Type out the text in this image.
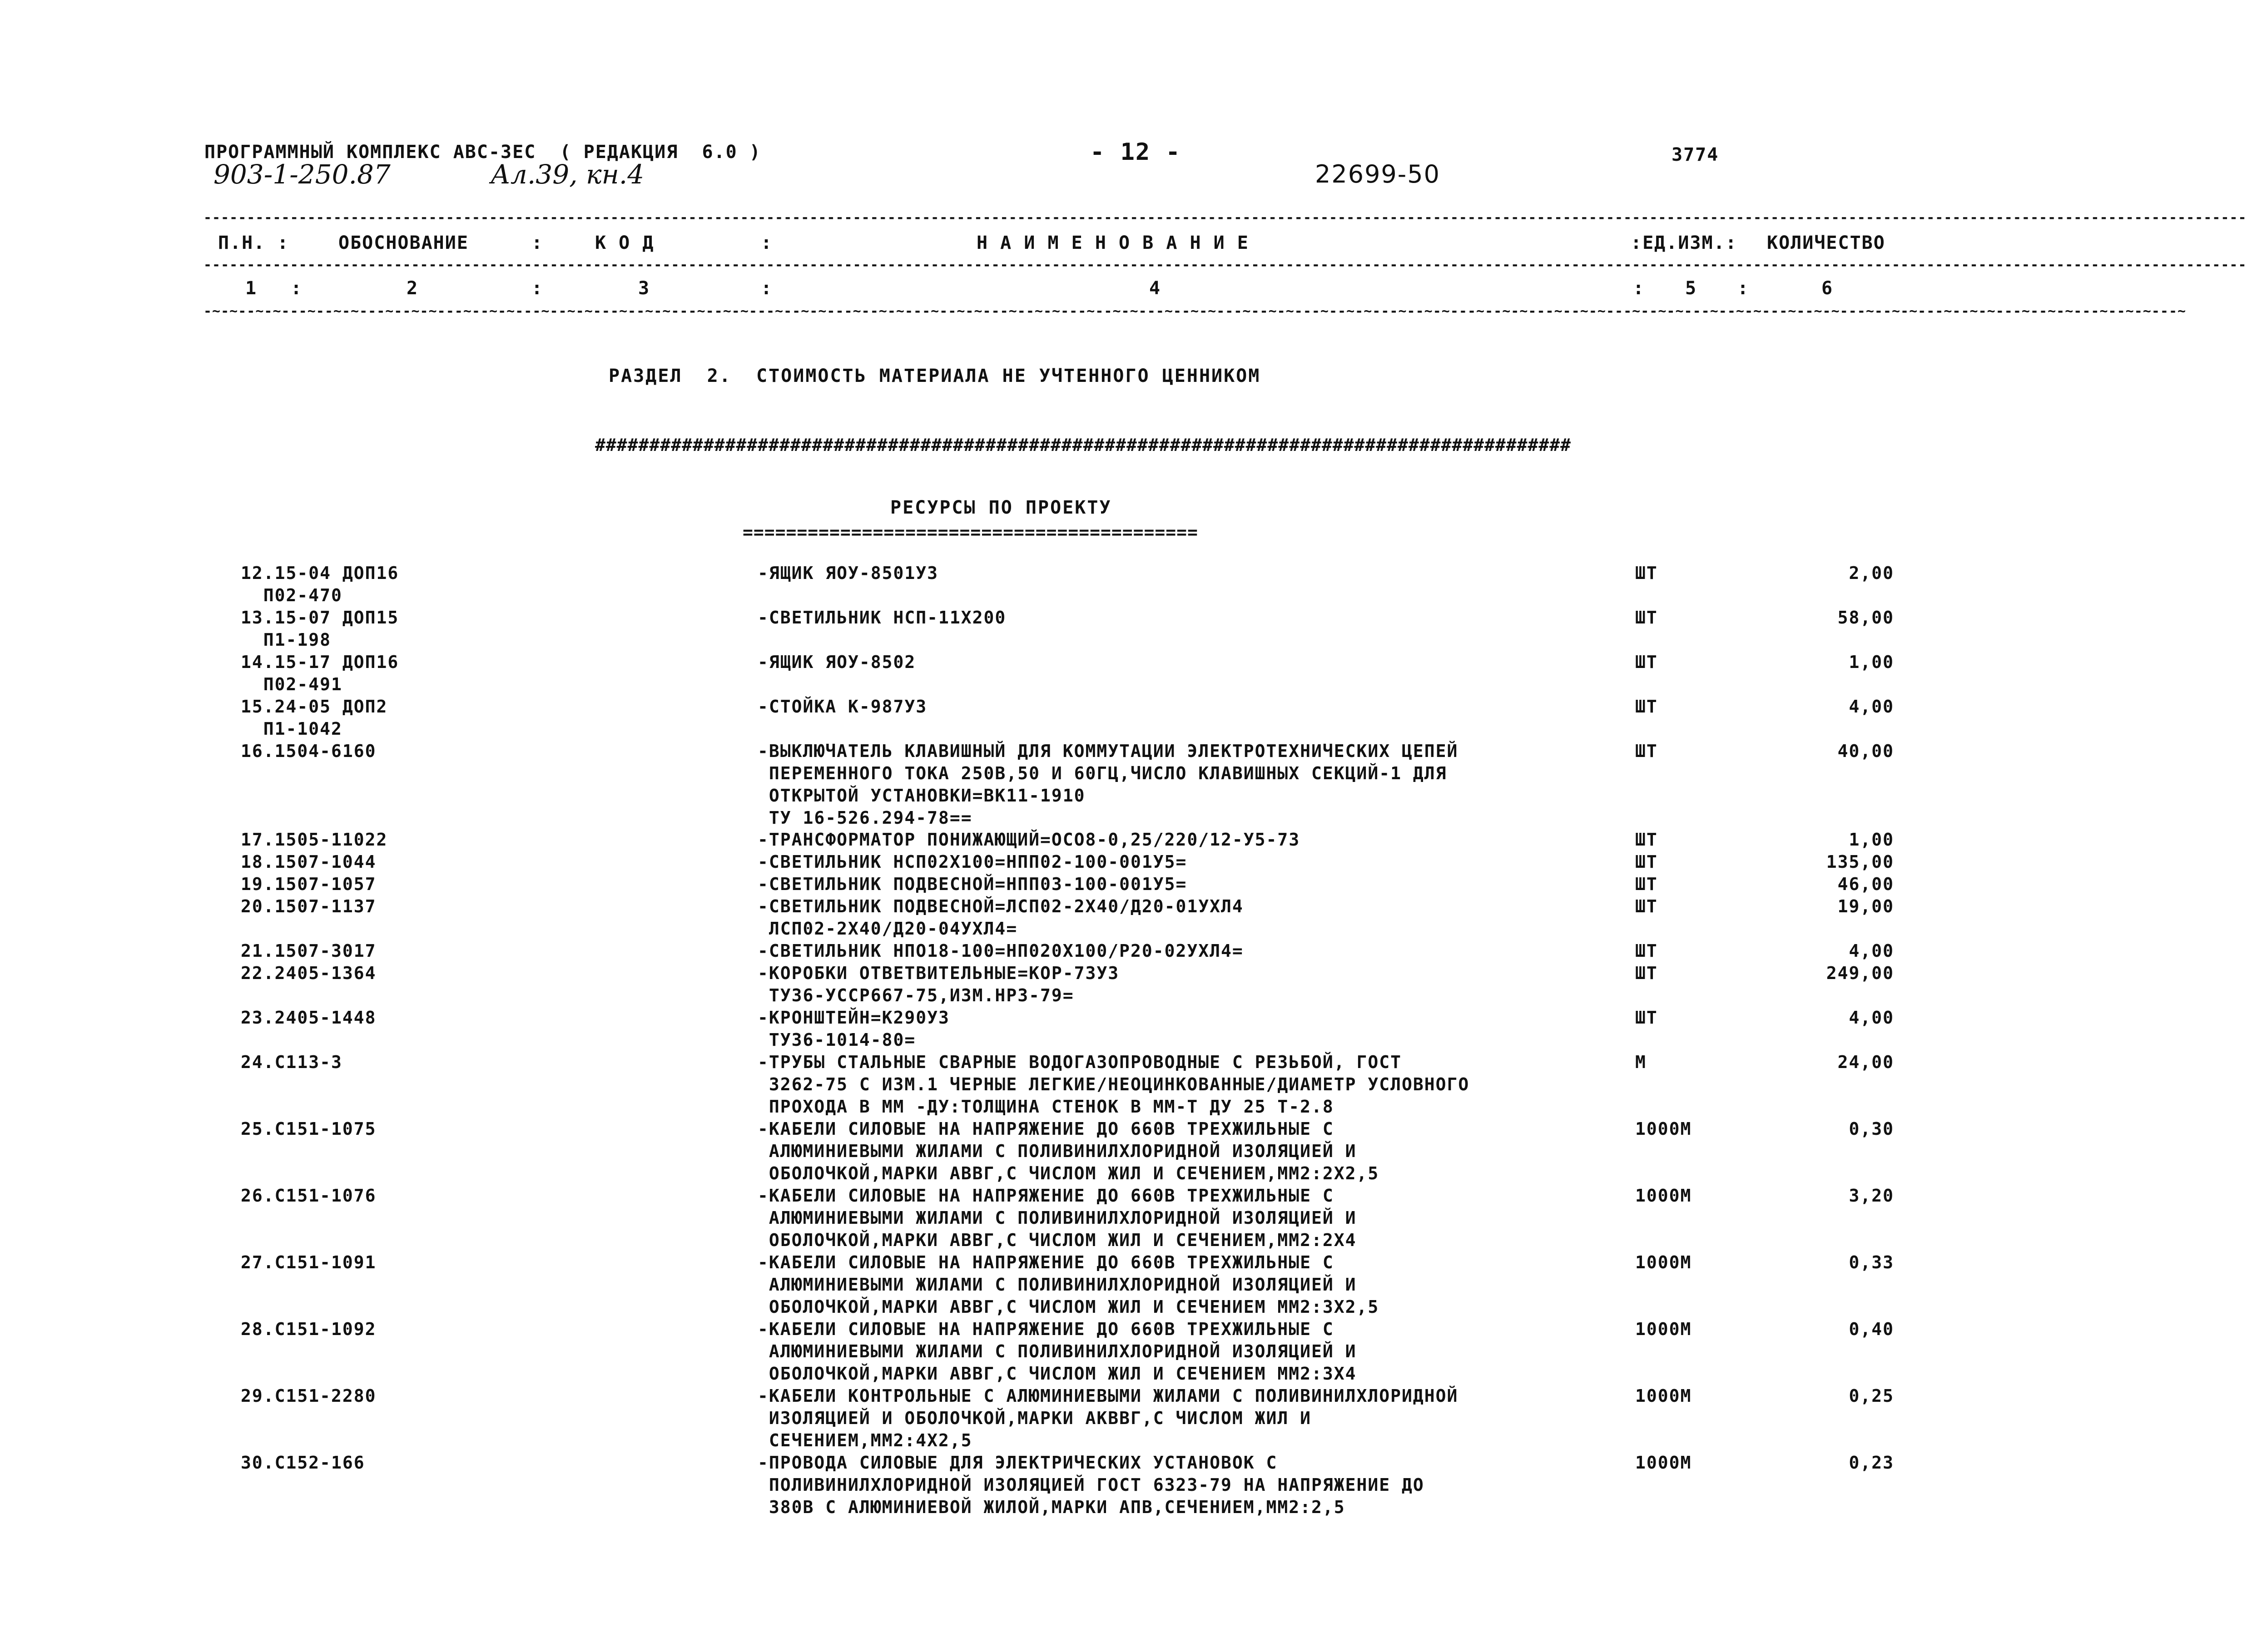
ПРОГРАММНЫЙ КОМПЛЕКС АВС-3ЕС  ( РЕДАКЦИЯ  6.0 )	- 12 -	3774
903-1-250.87	Ал.39, кн.4	22699-50
--------------------------------------------------------------------------------------------------------------------------------------------------------------------------------------------------------------------------------------------
П.Н. :	ОБОСНОВАНИЕ	:	К О Д	:	Н А И М Е Н О В А Н И Е	:ЕД.ИЗМ.: КОЛИЧЕСТВО
--------------------------------------------------------------------------------------------------------------------------------------------------------------------------------------------------------------------------------------------
1 :	2	:	3	:	4	: 5 :	6
-~-~--~-~---~--~-~---~--~-~---~--~-~---~--~-~---~--~-~---~--~-~---~--~-~---~--~-~---~--~-~---~--~-~---~--~-~---~--~-~---~--~-~---~--~-~---~--~-~---~--~-~---~--~-~---~--~-~---~--~-~---~--~-~---~--~-~---~--~-~---~--~-~---~--~-~---~
РАЗДЕЛ  2.  СТОИМОСТЬ МАТЕРИАЛА НЕ УЧТЕННОГО ЦЕННИКОМ
##########################################################################################
РЕСУРСЫ ПО ПРОЕКТУ
==========================================
12.15-04 ДОП16
П02-470
-ЯЩИК ЯОУ-8501У3	ШТ	2,00
13.15-07 ДОП15
П1-198
-СВЕТИЛЬНИК НСП-11Х200	ШТ	58,00
14.15-17 ДОП16
П02-491
-ЯЩИК ЯОУ-8502	ШТ	1,00
15.24-05 ДОП2
П1-1042
-СТОЙКА К-987У3	ШТ	4,00
16.1504-6160	-ВЫКЛЮЧАТЕЛЬ КЛАВИШНЫЙ ДЛЯ КОММУТАЦИИ ЭЛЕКТРОТЕХНИЧЕСКИХ ЦЕПЕЙ
ПЕРЕМЕННОГО ТОКА 250В,50 И 60ГЦ,ЧИСЛО КЛАВИШНЫХ СЕКЦИЙ-1 ДЛЯ
ОТКРЫТОЙ УСТАНОВКИ=ВК11-1910
ТУ 16-526.294-78==
ШТ	40,00
17.1505-11022	-ТРАНСФОРМАТОР ПОНИЖАЮЩИЙ=ОСО8-0,25/220/12-У5-73	ШТ	1,00
18.1507-1044	-СВЕТИЛЬНИК НСП02Х100=НПП02-100-001У5=	ШТ	135,00
19.1507-1057	-СВЕТИЛЬНИК ПОДВЕСНОЙ=НПП03-100-001У5=	ШТ	46,00
20.1507-1137	-СВЕТИЛЬНИК ПОДВЕСНОЙ=ЛСП02-2Х40/Д20-01УХЛ4
ЛСП02-2Х40/Д20-04УХЛ4=
ШТ	19,00
21.1507-3017	-СВЕТИЛЬНИК НПО18-100=НП020Х100/Р20-02УХЛ4=	ШТ	4,00
22.2405-1364	-КОРОБКИ ОТВЕТВИТЕЛЬНЫЕ=КОР-73У3
ТУ36-УССР667-75,ИЗМ.НР3-79=
ШТ	249,00
23.2405-1448	-КРОНШТЕЙН=К290У3
ТУ36-1014-80=
ШТ	4,00
24.С113-3	-ТРУБЫ СТАЛЬНЫЕ СВАРНЫЕ ВОДОГАЗОПРОВОДНЫЕ С РЕЗЬБОЙ, ГОСТ
3262-75 С ИЗМ.1 ЧЕРНЫЕ ЛЕГКИЕ/НЕОЦИНКОВАННЫЕ/ДИАМЕТР УСЛОВНОГО
ПРОХОДА В ММ -ДУ:ТОЛЩИНА СТЕНОК В ММ-Т ДУ 25 Т-2.8
М	24,00
25.С151-1075	-КАБЕЛИ СИЛОВЫЕ НА НАПРЯЖЕНИЕ ДО 660В ТРЕХЖИЛЬНЫЕ С
АЛЮМИНИЕВЫМИ ЖИЛАМИ С ПОЛИВИНИЛХЛОРИДНОЙ ИЗОЛЯЦИЕЙ И
ОБОЛОЧКОЙ,МАРКИ АВВГ,С ЧИСЛОМ ЖИЛ И СЕЧЕНИЕМ,ММ2:2Х2,5
1000М	0,30
26.С151-1076	-КАБЕЛИ СИЛОВЫЕ НА НАПРЯЖЕНИЕ ДО 660В ТРЕХЖИЛЬНЫЕ С
АЛЮМИНИЕВЫМИ ЖИЛАМИ С ПОЛИВИНИЛХЛОРИДНОЙ ИЗОЛЯЦИЕЙ И
ОБОЛОЧКОЙ,МАРКИ АВВГ,С ЧИСЛОМ ЖИЛ И СЕЧЕНИЕМ,ММ2:2Х4
1000М	3,20
27.С151-1091	-КАБЕЛИ СИЛОВЫЕ НА НАПРЯЖЕНИЕ ДО 660В ТРЕХЖИЛЬНЫЕ С
АЛЮМИНИЕВЫМИ ЖИЛАМИ С ПОЛИВИНИЛХЛОРИДНОЙ ИЗОЛЯЦИЕЙ И
ОБОЛОЧКОЙ,МАРКИ АВВГ,С ЧИСЛОМ ЖИЛ И СЕЧЕНИЕМ ММ2:3Х2,5
1000М	0,33
28.С151-1092	-КАБЕЛИ СИЛОВЫЕ НА НАПРЯЖЕНИЕ ДО 660В ТРЕХЖИЛЬНЫЕ С
АЛЮМИНИЕВЫМИ ЖИЛАМИ С ПОЛИВИНИЛХЛОРИДНОЙ ИЗОЛЯЦИЕЙ И
ОБОЛОЧКОЙ,МАРКИ АВВГ,С ЧИСЛОМ ЖИЛ И СЕЧЕНИЕМ ММ2:3Х4
1000М	0,40
29.С151-2280	-КАБЕЛИ КОНТРОЛЬНЫЕ С АЛЮМИНИЕВЫМИ ЖИЛАМИ С ПОЛИВИНИЛХЛОРИДНОЙ
ИЗОЛЯЦИЕЙ И ОБОЛОЧКОЙ,МАРКИ АКВВГ,С ЧИСЛОМ ЖИЛ И
СЕЧЕНИЕМ,ММ2:4Х2,5
1000М	0,25
30.С152-166	-ПРОВОДА СИЛОВЫЕ ДЛЯ ЭЛЕКТРИЧЕСКИХ УСТАНОВОК С
ПОЛИВИНИЛХЛОРИДНОЙ ИЗОЛЯЦИЕЙ ГОСТ 6323-79 НА НАПРЯЖЕНИЕ ДО
380В С АЛЮМИНИЕВОЙ ЖИЛОЙ,МАРКИ АПВ,СЕЧЕНИЕМ,ММ2:2,5
1000М	0,23
